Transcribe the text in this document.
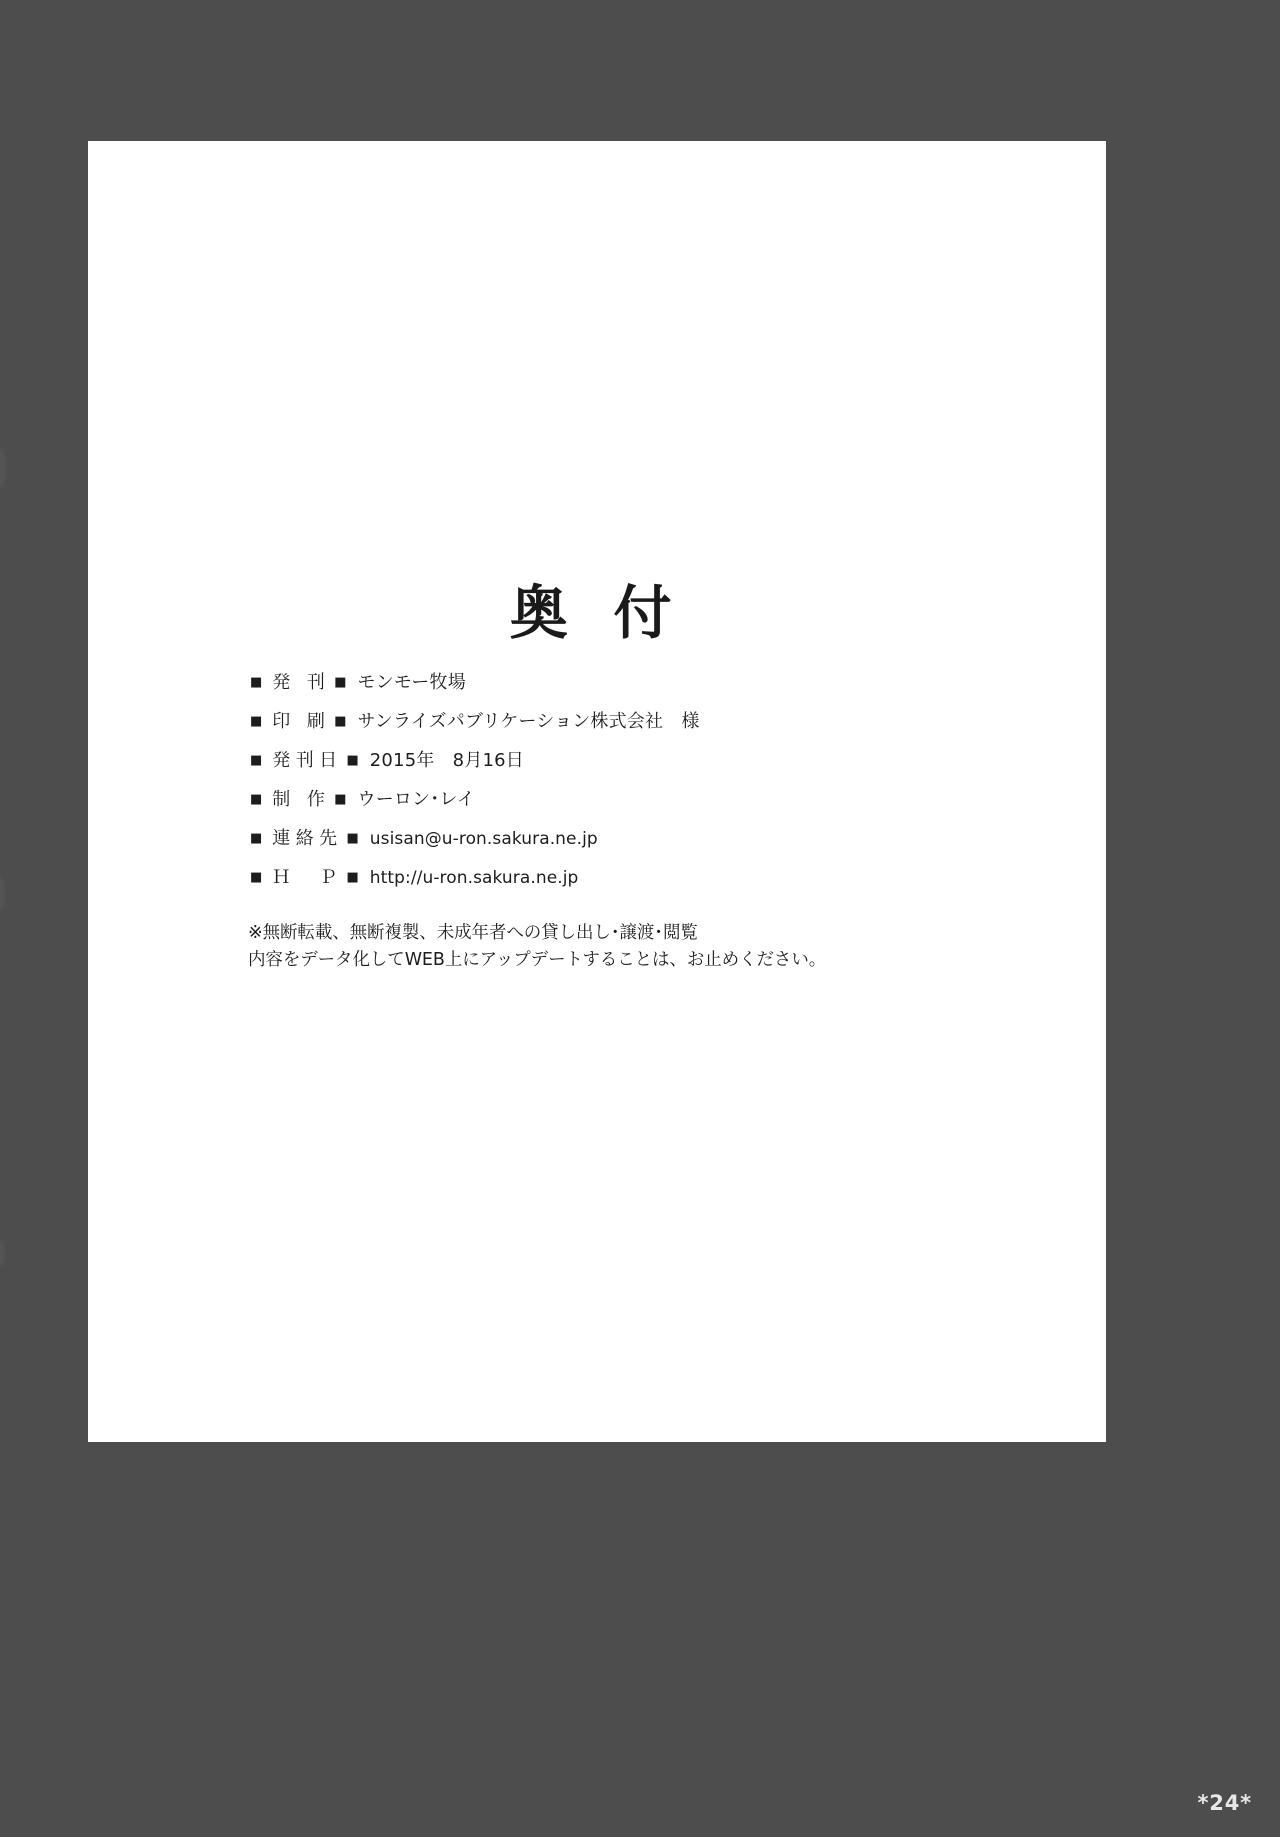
奥 付
■ 発 刊 ■ モンモー牧場
■ 印 刷 ■ サンライズパブリケーション株式会社　様
■ 発刊日 ■ 2015年　8月16日
■ 制 作 ■ ウーロン･レイ
■ 連絡先 ■ usisan@u-ron.sakura.ne.jp
■ Ｈ　Ｐ ■ http://u-ron.sakura.ne.jp
※無断転載、無断複製、未成年者への貸し出し･譲渡･閲覧
内容をデータ化してWEB上にアップデートすることは、お止めください。
*24*
